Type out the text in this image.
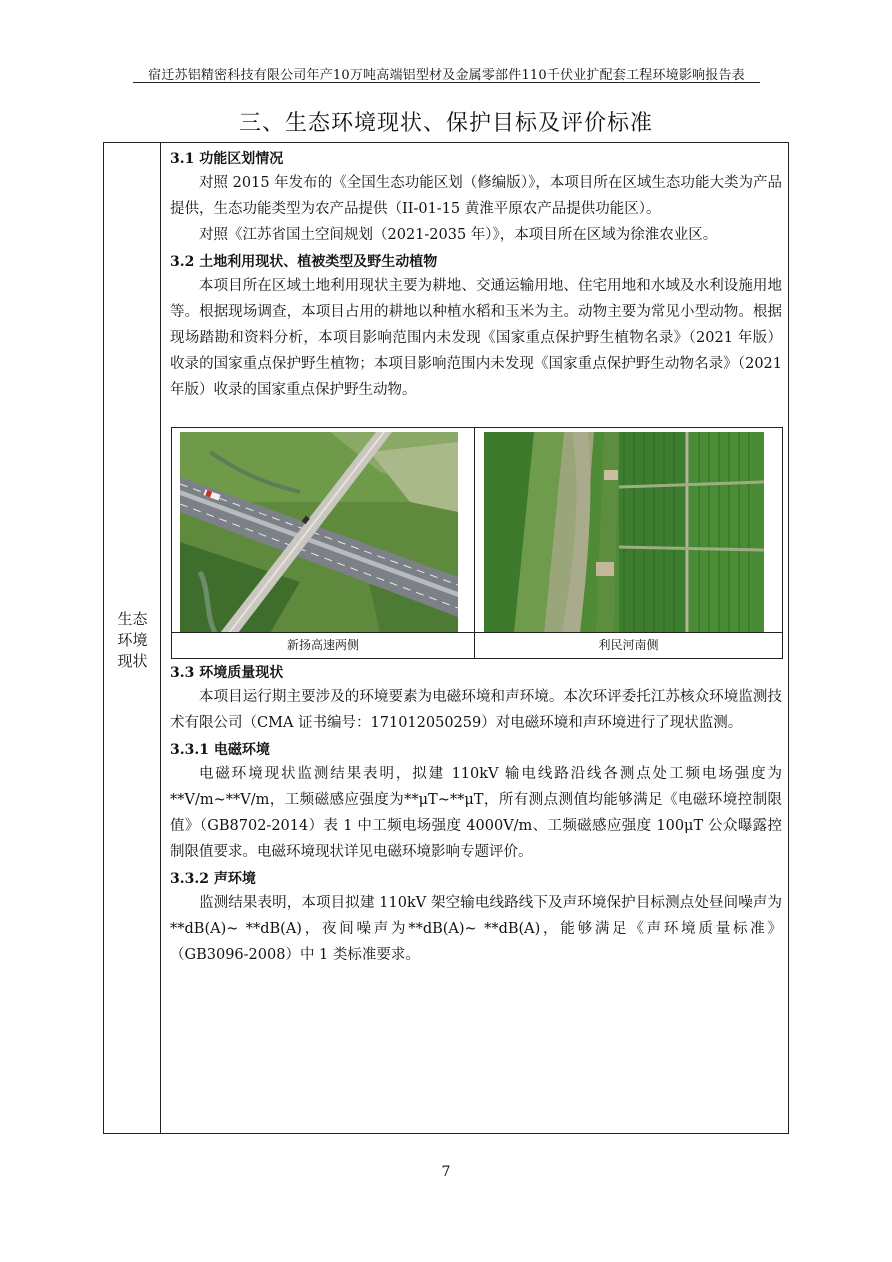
宿迁苏铝精密科技有限公司年产10万吨高端铝型材及金属零部件110千伏业扩配套工程环境影响报告表
三、生态环境现状、保护目标及评价标准
生态
环境
现状

3.1 功能区划情况

对照 2015 年发布的《全国生态功能区划（修编版）》，本项目所在区域生态功能大类为产品提供，生态功能类型为农产品提供（II-01-15 黄淮平原农产品提供功能区）。

对照《江苏省国土空间规划（2021-2035 年）》，本项目所在区域为徐淮农业区。

3.2 土地利用现状、植被类型及野生动植物

本项目所在区域土地利用现状主要为耕地、交通运输用地、住宅用地和水域及水利设施用地等。根据现场调查，本项目占用的耕地以种植水稻和玉米为主。动物主要为常见小型动物。根据现场踏勘和资料分析，本项目影响范围内未发现《国家重点保护野生植物名录》（2021 年版）收录的国家重点保护野生植物；本项目影响范围内未发现《国家重点保护野生动物名录》（2021 年版）收录的国家重点保护野生动物。

新扬高速两侧	利民河南侧

3.3 环境质量现状

本项目运行期主要涉及的环境要素为电磁环境和声环境。本次环评委托江苏核众环境监测技术有限公司（CMA 证书编号：171012050259）对电磁环境和声环境进行了现状监测。

3.3.1 电磁环境

电磁环境现状监测结果表明，拟建 110kV 输电线路沿线各测点处工频电场强度为**V/m~**V/m，工频磁感应强度为**μT~**μT，所有测点测值均能够满足《电磁环境控制限值》（GB8702-2014）表 1 中工频电场强度 4000V/m、工频磁感应强度 100μT 公众曝露控制限值要求。电磁环境现状详见电磁环境影响专题评价。

3.3.2 声环境

监测结果表明，本项目拟建 110kV 架空输电线路线下及声环境保护目标测点处昼间噪声为**dB(A)~ **dB(A)，夜间噪声为**dB(A)~ **dB(A)，能够满足《声环境质量标准》（GB3096-2008）中 1 类标准要求。

7
